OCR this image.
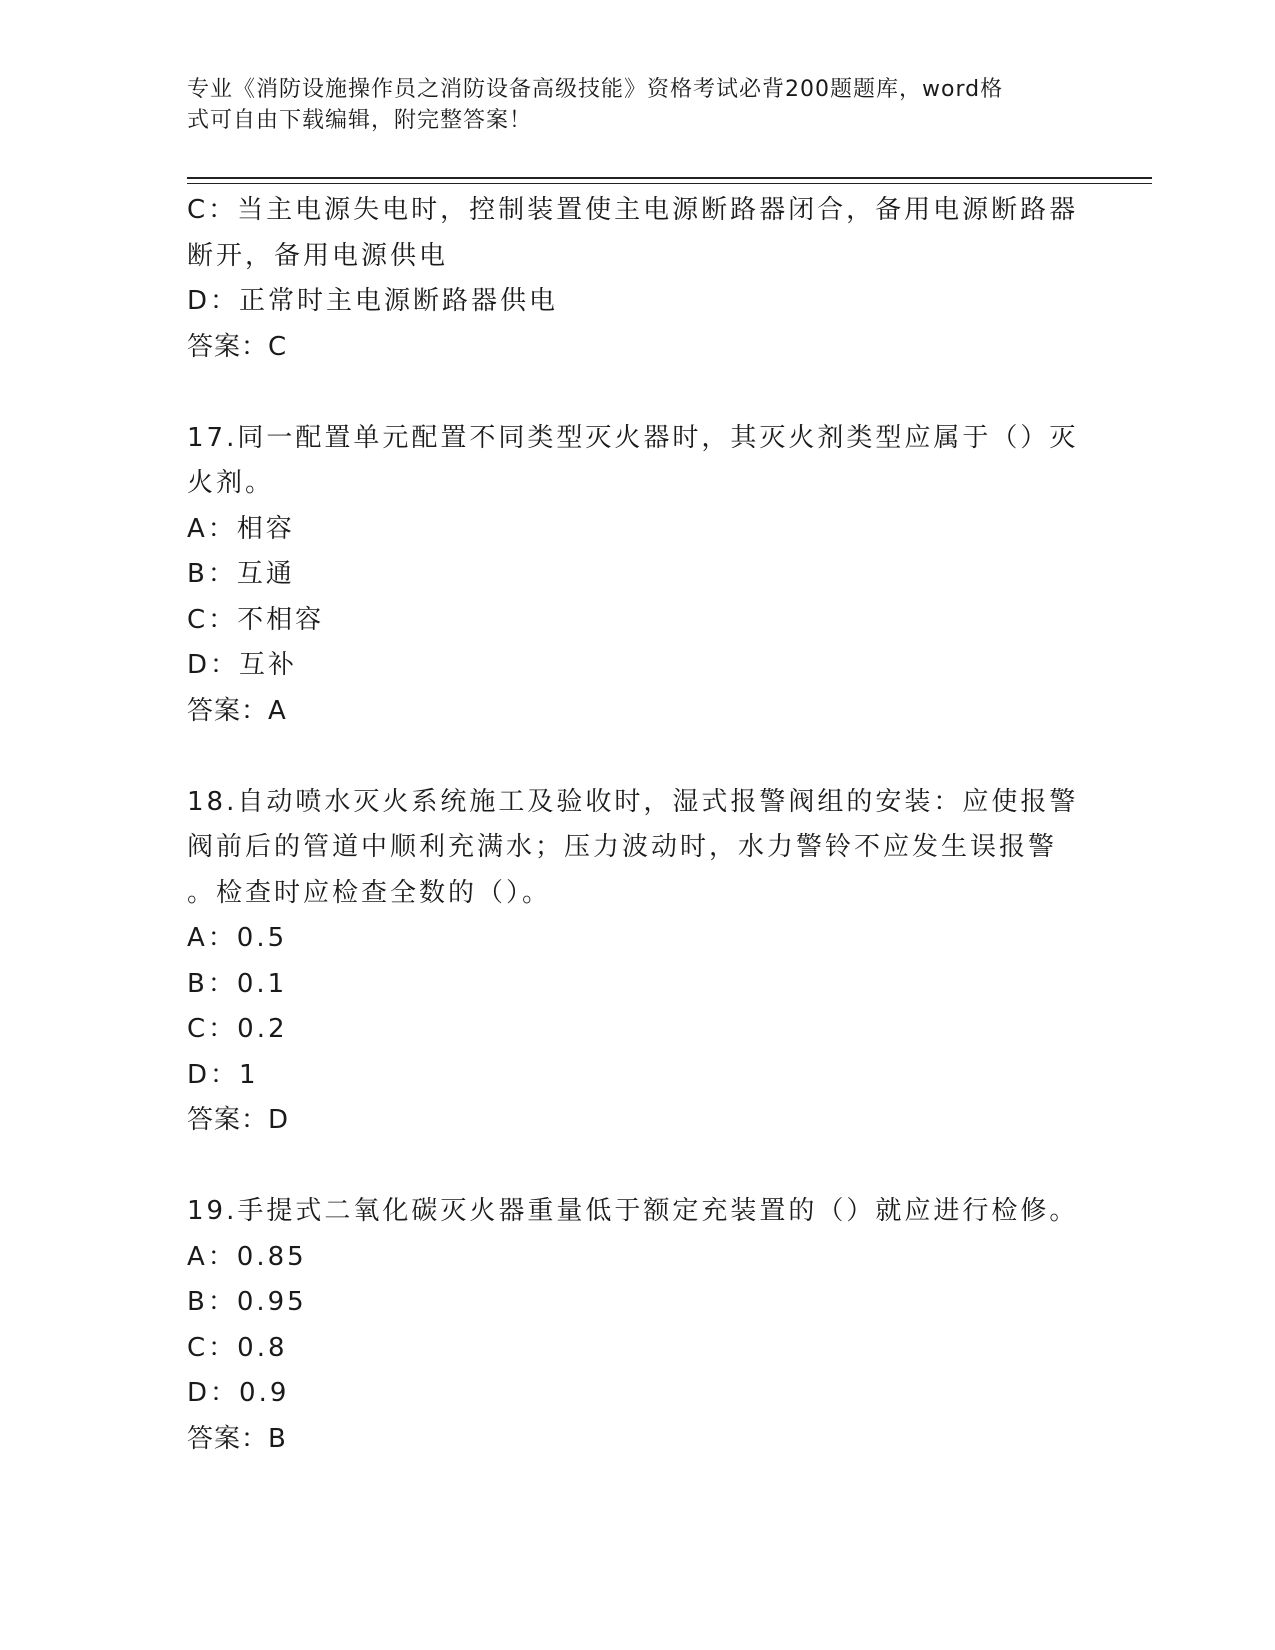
专业《消防设施操作员之消防设备高级技能》资格考试必背200题题库，word格
式可自由下载编辑，附完整答案！

C：当主电源失电时，控制装置使主电源断路器闭合，备用电源断路器

断开，备用电源供电

D：正常时主电源断路器供电

答案：C

17.同一配置单元配置不同类型灭火器时，其灭火剂类型应属于（）灭

火剂。

A：相容

B：互通

C：不相容

D：互补

答案：A

18.自动喷水灭火系统施工及验收时，湿式报警阀组的安装：应使报警

阀前后的管道中顺利充满水；压力波动时，水力警铃不应发生误报警

。检查时应检查全数的（）。

A：0.5

B：0.1

C：0.2

D：1

答案：D

19.手提式二氧化碳灭火器重量低于额定充装置的（）就应进行检修。

A：0.85

B：0.95

C：0.8

D：0.9

答案：B
